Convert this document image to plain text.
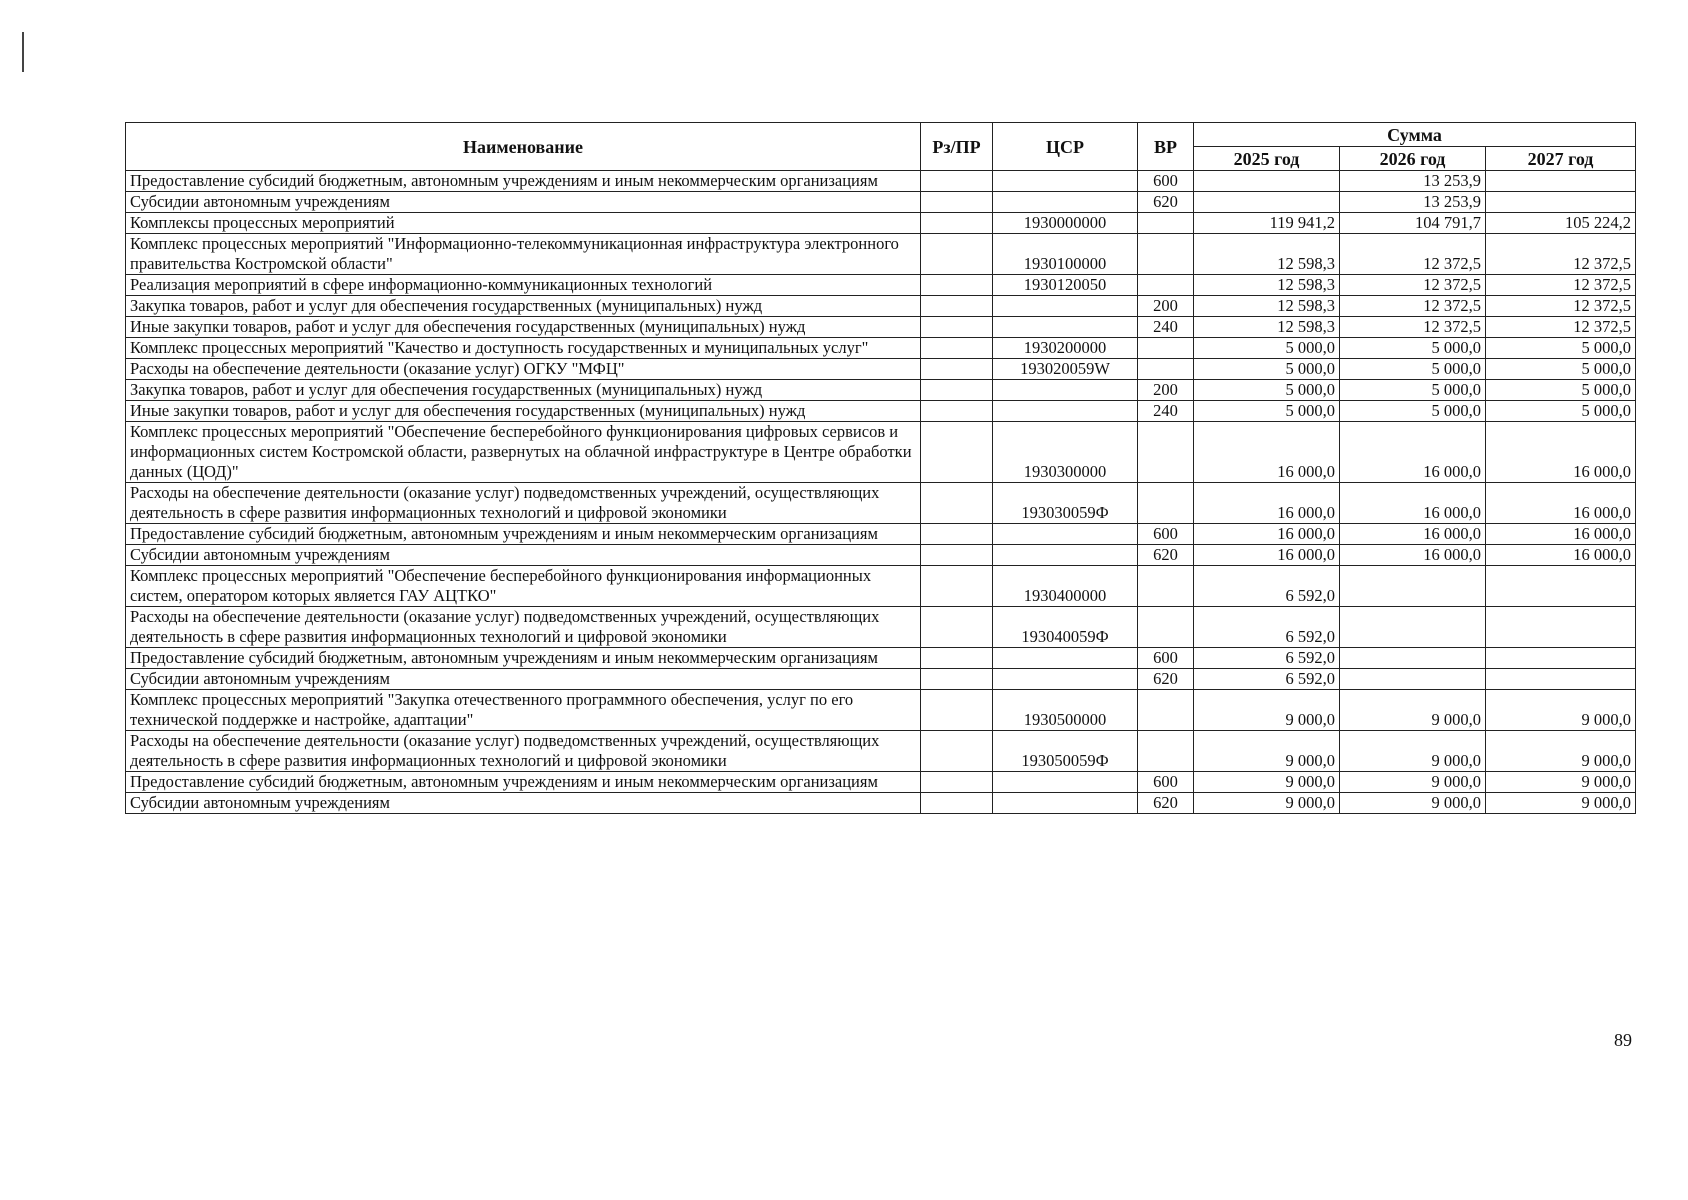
Наименование	Рз/ПР	ЦСР	ВР	Сумма		
				2025 год	2026 год	2027 год
Предоставление субсидий бюджетным, автономным учреждениям и иным некоммерческим организациям			600		13 253,9	
Субсидии автономным учреждениям			620		13 253,9	
Комплексы процессных мероприятий		1930000000		119 941,2	104 791,7	105 224,2
Комплекс процессных мероприятий "Информационно-телекоммуникационная инфраструктура электронного правительства Костромской области"		1930100000		12 598,3	12 372,5	12 372,5
Реализация мероприятий в сфере информационно-коммуникационных технологий		1930120050		12 598,3	12 372,5	12 372,5
Закупка товаров, работ и услуг для обеспечения государственных (муниципальных) нужд			200	12 598,3	12 372,5	12 372,5
Иные закупки товаров, работ и услуг для обеспечения государственных (муниципальных) нужд			240	12 598,3	12 372,5	12 372,5
Комплекс процессных мероприятий "Качество и доступность государственных и муниципальных услуг"		1930200000		5 000,0	5 000,0	5 000,0
Расходы на обеспечение деятельности (оказание услуг) ОГКУ "МФЦ"		193020059W		5 000,0	5 000,0	5 000,0
Закупка товаров, работ и услуг для обеспечения государственных (муниципальных) нужд			200	5 000,0	5 000,0	5 000,0
Иные закупки товаров, работ и услуг для обеспечения государственных (муниципальных) нужд			240	5 000,0	5 000,0	5 000,0
Комплекс процессных мероприятий "Обеспечение бесперебойного функционирования цифровых сервисов и информационных систем Костромской области, развернутых на облачной инфраструктуре в Центре обработки данных (ЦОД)"		1930300000		16 000,0	16 000,0	16 000,0
Расходы на обеспечение деятельности (оказание услуг) подведомственных учреждений, осуществляющих деятельность в сфере развития информационных технологий и цифровой экономики		193030059Ф		16 000,0	16 000,0	16 000,0
Предоставление субсидий бюджетным, автономным учреждениям и иным некоммерческим организациям			600	16 000,0	16 000,0	16 000,0
Субсидии автономным учреждениям			620	16 000,0	16 000,0	16 000,0
Комплекс процессных мероприятий "Обеспечение бесперебойного функционирования информационных систем, оператором которых является ГАУ АЦТКО"		1930400000		6 592,0		
Расходы на обеспечение деятельности (оказание услуг) подведомственных учреждений, осуществляющих деятельность в сфере развития информационных технологий и цифровой экономики		193040059Ф		6 592,0		
Предоставление субсидий бюджетным, автономным учреждениям и иным некоммерческим организациям			600	6 592,0		
Субсидии автономным учреждениям			620	6 592,0		
Комплекс процессных мероприятий "Закупка отечественного программного обеспечения, услуг по его технической поддержке и настройке, адаптации"		1930500000		9 000,0	9 000,0	9 000,0
Расходы на обеспечение деятельности (оказание услуг) подведомственных учреждений, осуществляющих деятельность в сфере развития информационных технологий и цифровой экономики		193050059Ф		9 000,0	9 000,0	9 000,0
Предоставление субсидий бюджетным, автономным учреждениям и иным некоммерческим организациям			600	9 000,0	9 000,0	9 000,0
Субсидии автономным учреждениям			620	9 000,0	9 000,0	9 000,0
89
